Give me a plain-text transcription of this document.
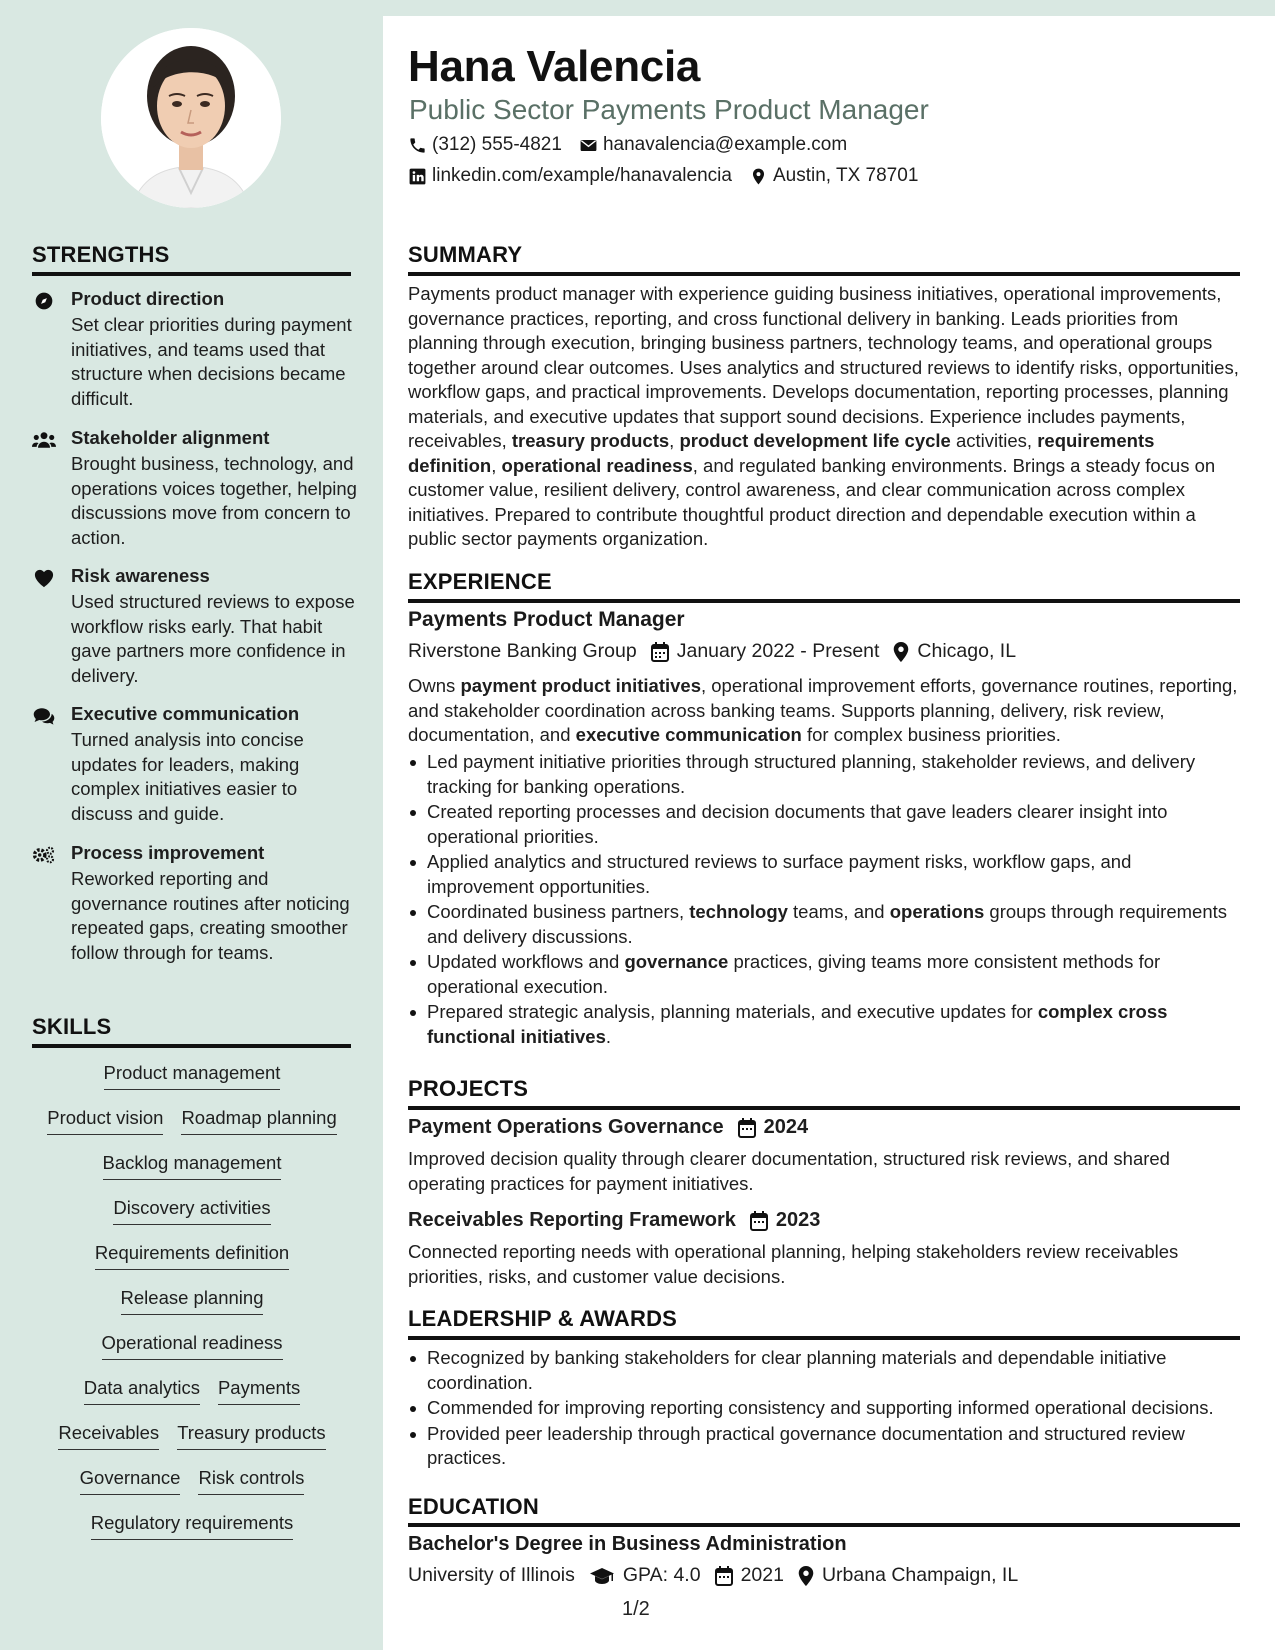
Hana Valencia
Public Sector Payments Product Manager
(312) 555-4821 hanavalencia@example.com
linkedin.com/example/hanavalencia Austin, TX 78701
STRENGTHS
Product direction
Set clear priorities during payment initiatives, and teams used that structure when decisions became difficult.
Stakeholder alignment
Brought business, technology, and operations voices together, helping discussions move from concern to action.
Risk awareness
Used structured reviews to expose workflow risks early. That habit gave partners more confidence in delivery.
Executive communication
Turned analysis into concise updates for leaders, making complex initiatives easier to discuss and guide.
Process improvement
Reworked reporting and governance routines after noticing repeated gaps, creating smoother follow through for teams.
SKILLS
Product management
Product vision Roadmap planning
Backlog management
Discovery activities
Requirements definition
Release planning
Operational readiness
Data analytics Payments
Receivables Treasury products
Governance Risk controls
Regulatory requirements
SUMMARY
Payments product manager with experience guiding business initiatives, operational improvements, governance practices, reporting, and cross functional delivery in banking. Leads priorities from planning through execution, bringing business partners, technology teams, and operational groups together around clear outcomes. Uses analytics and structured reviews to identify risks, opportunities, workflow gaps, and practical improvements. Develops documentation, reporting processes, planning materials, and executive updates that support sound decisions. Experience includes payments, receivables, treasury products, product development life cycle activities, requirements definition, operational readiness, and regulated banking environments. Brings a steady focus on customer value, resilient delivery, control awareness, and clear communication across complex initiatives. Prepared to contribute thoughtful product direction and dependable execution within a public sector payments organization.
EXPERIENCE
Payments Product Manager
Riverstone Banking Group January 2022 - Present Chicago, IL
Owns payment product initiatives, operational improvement efforts, governance routines, reporting, and stakeholder coordination across banking teams. Supports planning, delivery, risk review, documentation, and executive communication for complex business priorities.
Led payment initiative priorities through structured planning, stakeholder reviews, and delivery tracking for banking operations.
Created reporting processes and decision documents that gave leaders clearer insight into operational priorities.
Applied analytics and structured reviews to surface payment risks, workflow gaps, and improvement opportunities.
Coordinated business partners, technology teams, and operations groups through requirements and delivery discussions.
Updated workflows and governance practices, giving teams more consistent methods for operational execution.
Prepared strategic analysis, planning materials, and executive updates for complex cross functional initiatives.
PROJECTS
Payment Operations Governance 2024
Improved decision quality through clearer documentation, structured risk reviews, and shared operating practices for payment initiatives.
Receivables Reporting Framework 2023
Connected reporting needs with operational planning, helping stakeholders review receivables priorities, risks, and customer value decisions.
LEADERSHIP & AWARDS
Recognized by banking stakeholders for clear planning materials and dependable initiative coordination.
Commended for improving reporting consistency and supporting informed operational decisions.
Provided peer leadership through practical governance documentation and structured review practices.
EDUCATION
Bachelor's Degree in Business Administration
University of Illinois GPA: 4.0 2021 Urbana Champaign, IL
1/2
